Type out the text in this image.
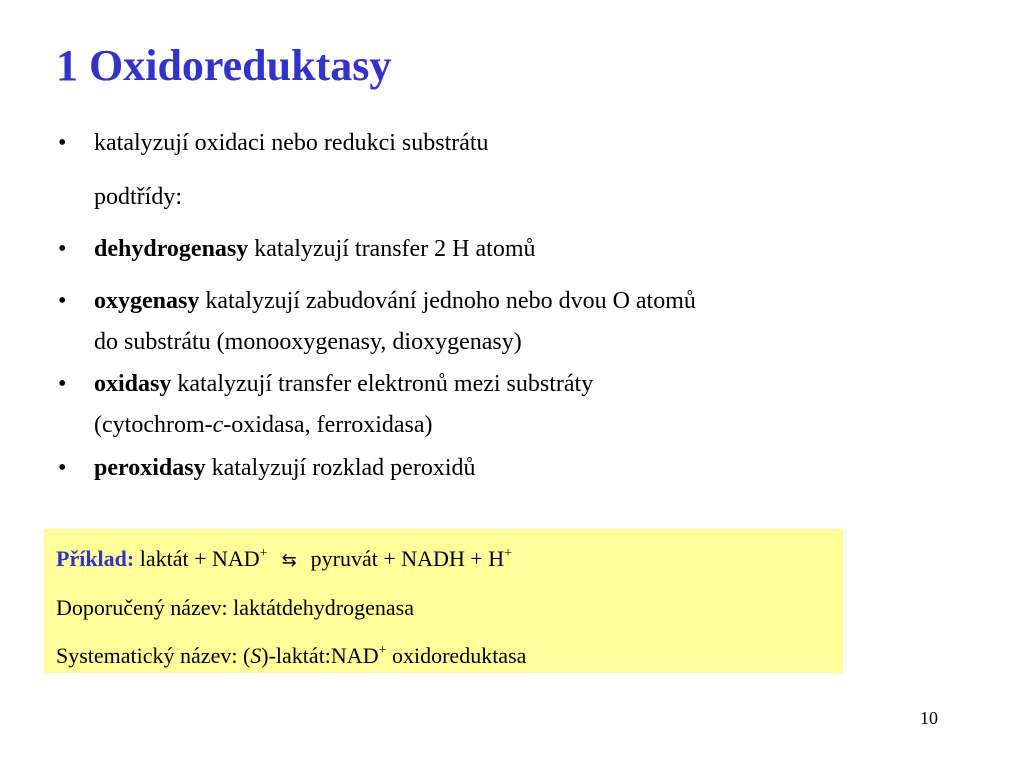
1 Oxidoreduktasy
• katalyzují oxidaci nebo redukci substrátu
podtřídy:
• dehydrogenasy katalyzují transfer 2 H atomů
• oxygenasy katalyzují zabudování jednoho nebo dvou O atomů
do substrátu (monooxygenasy, dioxygenasy)
• oxidasy katalyzují transfer elektronů mezi substráty
(cytochrom-c-oxidasa, ferroxidasa)
• peroxidasy katalyzují rozklad peroxidů
Příklad: laktát + NAD+ ⇆ pyruvát + NADH + H+
Doporučený název: laktátdehydrogenasa
Systematický název: (S)-laktát:NAD+ oxidoreduktasa
10
